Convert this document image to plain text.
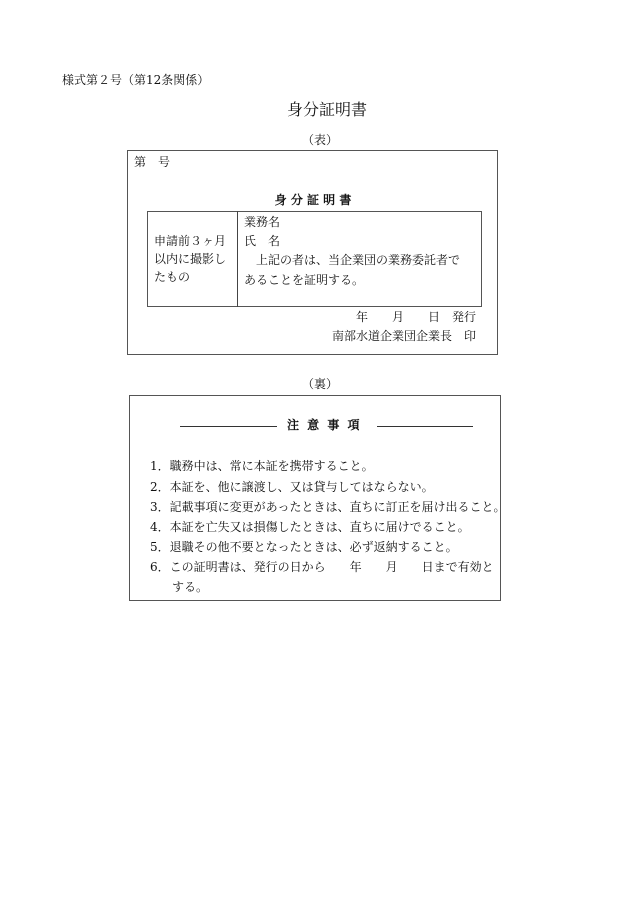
様式第２号（第12条関係）
身分証明書
（表）
第　号
身 分 証 明 書
申請前３ヶ月
以内に撮影し
たもの
業務名
氏　名
　上記の者は、当企業団の業務委託者で
あることを証明する。
年　　月　　日　発行
南部水道企業団企業長　印
（裏）
注 意 事 項
1．職務中は、常に本証を携帯すること。
2．本証を、他に譲渡し、又は貸与してはならない。
3．記載事項に変更があったときは、直ちに訂正を届け出ること。
4．本証を亡失又は損傷したときは、直ちに届けでること。
5．退職その他不要となったときは、必ず返納すること。
6．この証明書は、発行の日から　　年　　月　　日まで有効と
する。
